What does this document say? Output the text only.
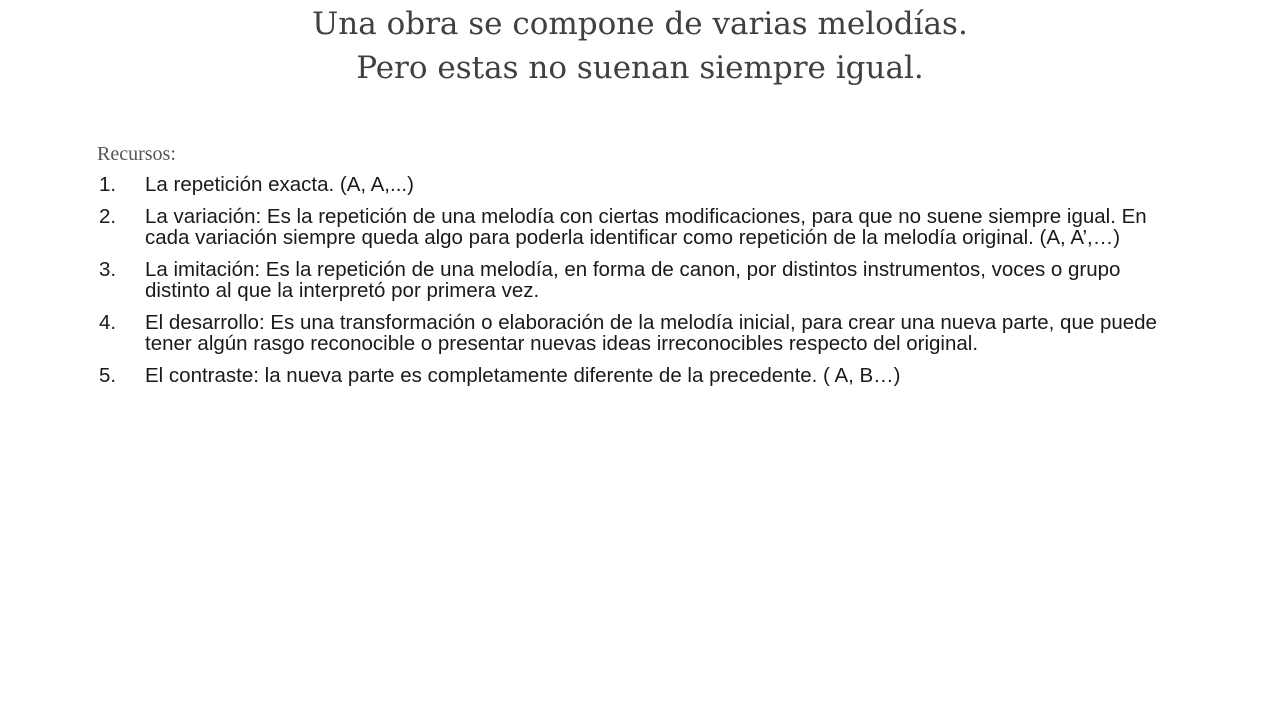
Una obra se compone de varias melodías.
Pero estas no suenan siempre igual.

Recursos:

1. La repetición exacta. (A, A,...)
2. La variación: Es la repetición de una melodía con ciertas modificaciones, para que no suene siempre igual. En cada variación siempre queda algo para poderla identificar como repetición de la melodía original. (A, A’,…)
3. La imitación: Es la repetición de una melodía, en forma de canon, por distintos instrumentos, voces o grupo distinto al que la interpretó por primera vez.
4. El desarrollo: Es una transformación o elaboración de la melodía inicial, para crear una nueva parte, que puede tener algún rasgo reconocible o presentar nuevas ideas irreconocibles respecto del original.
5. El contraste: la nueva parte es completamente diferente de la precedente. ( A, B…)
